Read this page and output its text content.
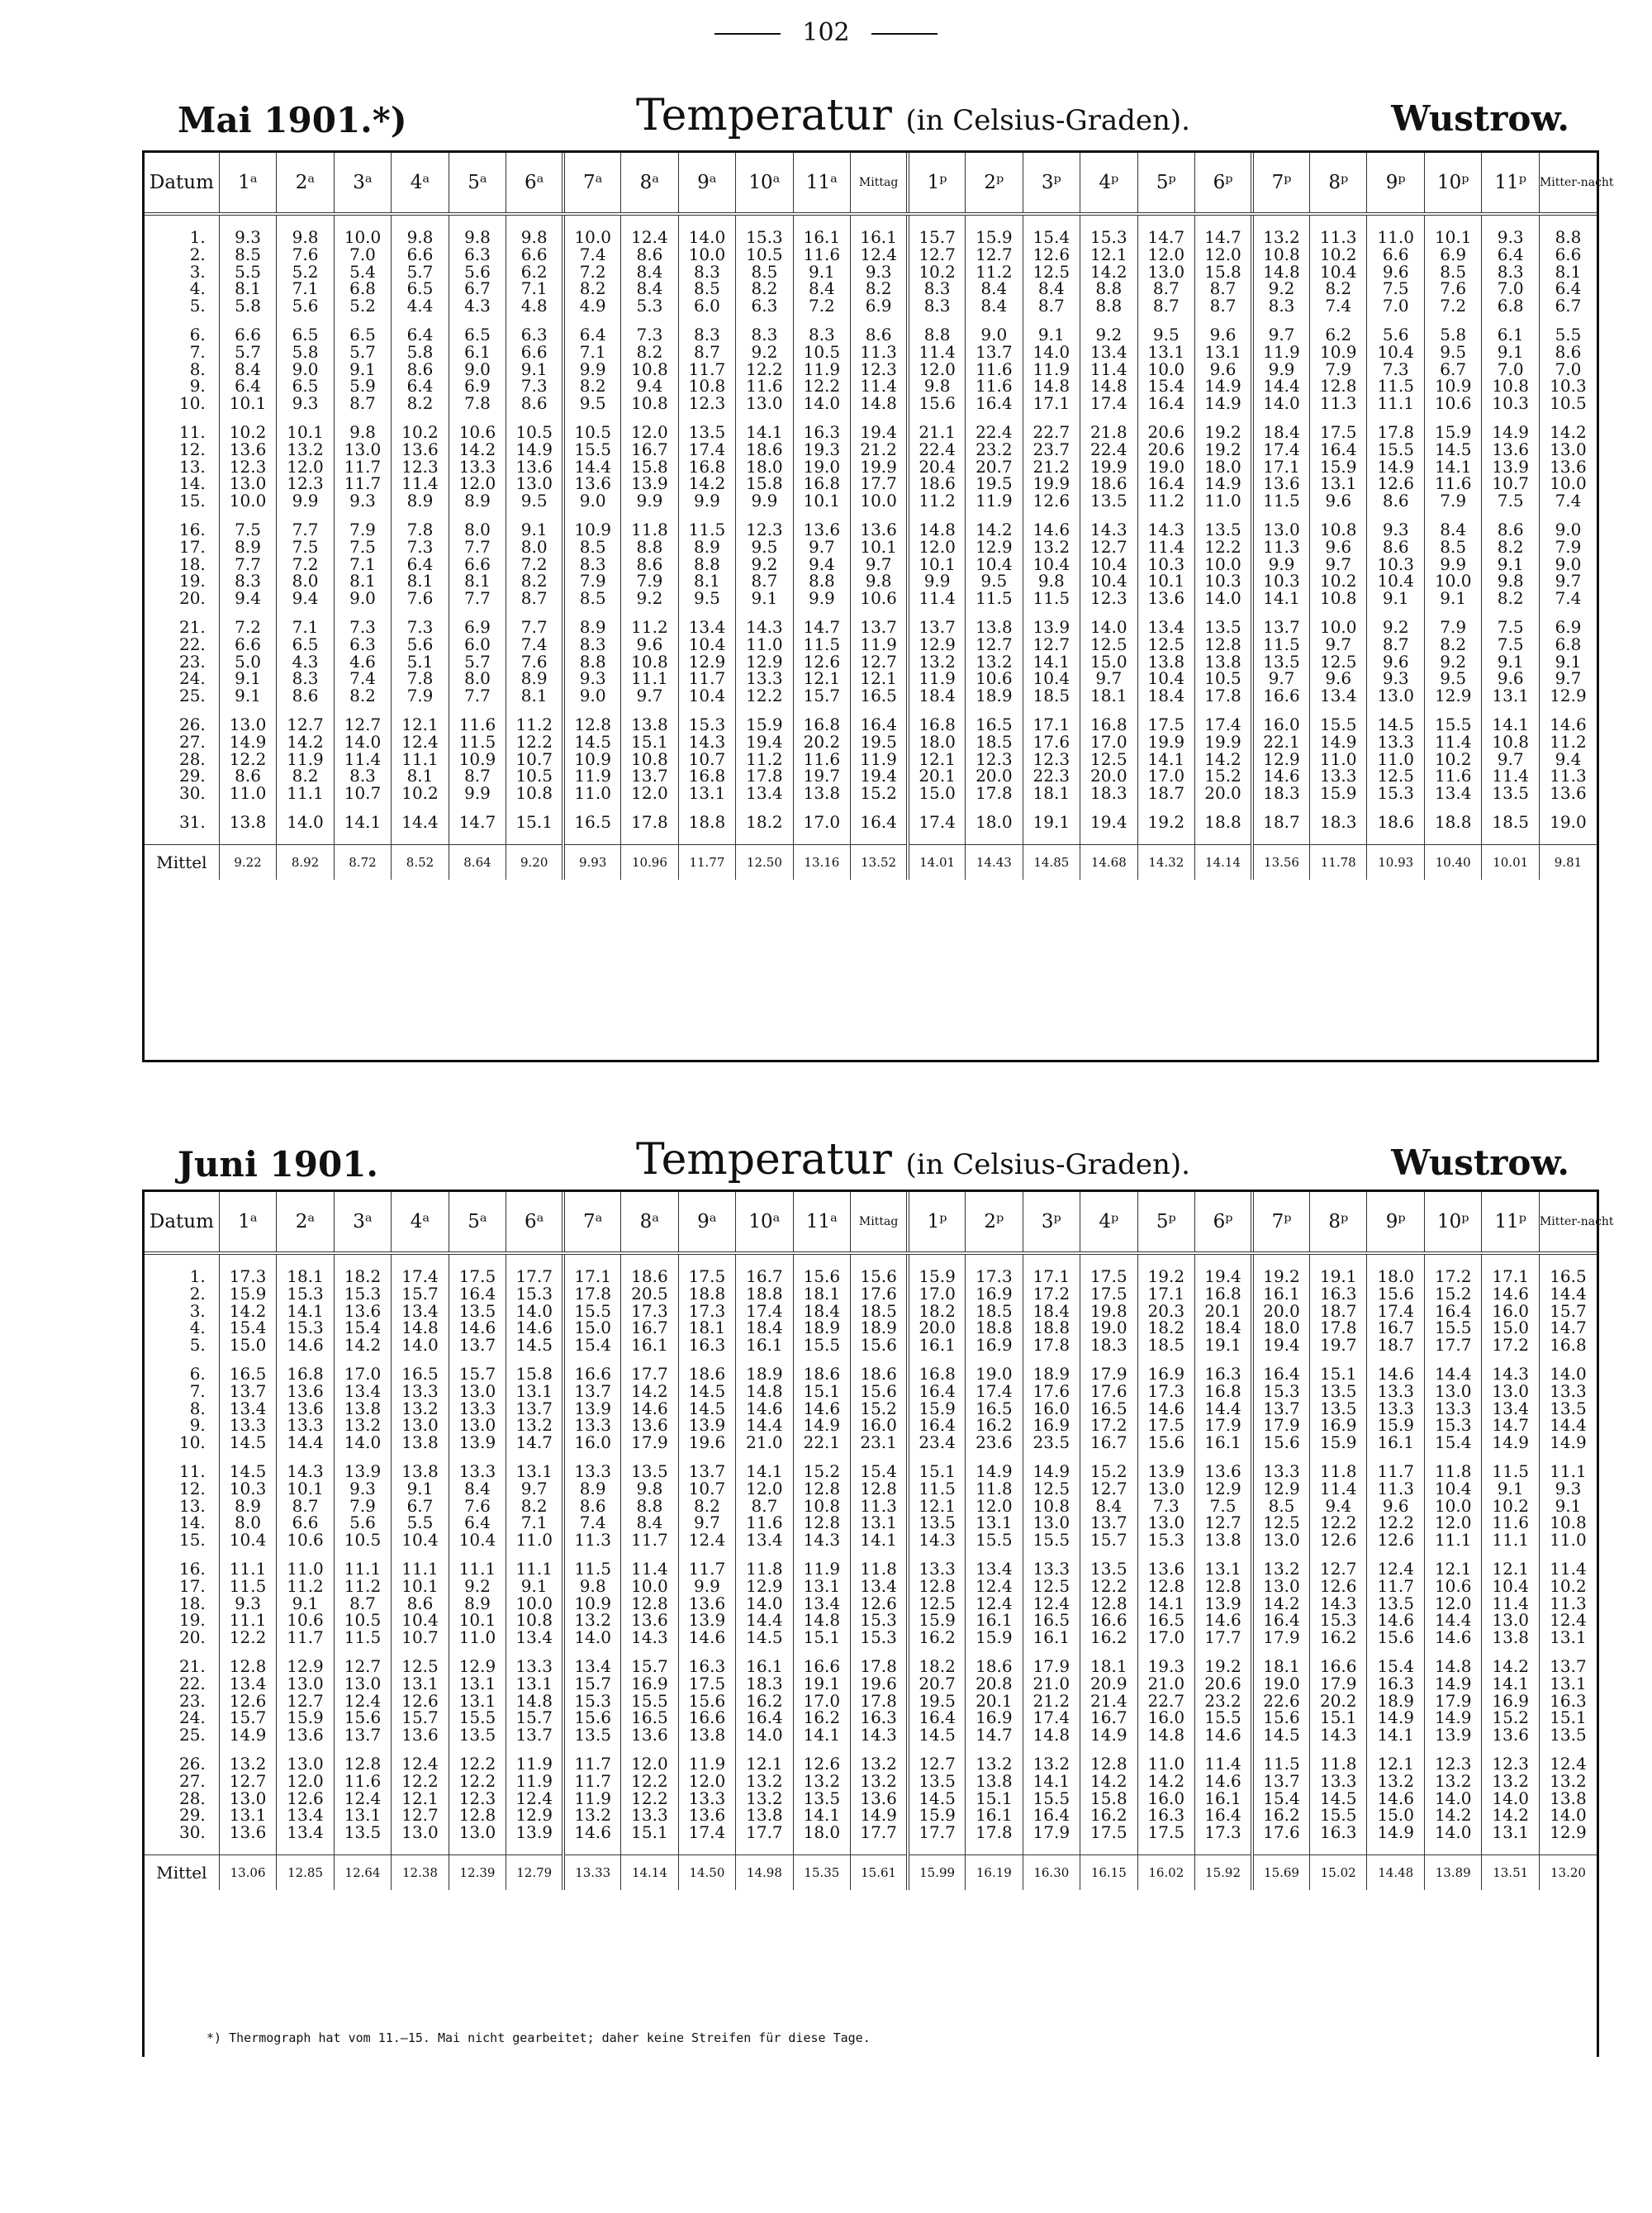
102
Mai 1901.*)	Temperatur (in Celsius-Graden).	Wustrow.
Datum	1ᵃ	2ᵃ	3ᵃ	4ᵃ	5ᵃ	6ᵃ	7ᵃ	8ᵃ	9ᵃ	10ᵃ	11ᵃ	Mittag	1ᵖ	2ᵖ	3ᵖ	4ᵖ	5ᵖ	6ᵖ	7ᵖ	8ᵖ	9ᵖ	10ᵖ	11ᵖ	Mitter-nacht

1.	9.3	9.8	10.0	9.8	9.8	9.8	10.0	12.4	14.0	15.3	16.1	16.1	15.7	15.9	15.4	15.3	14.7	14.7	13.2	11.3	11.0	10.1	9.3	8.8
2.	8.5	7.6	7.0	6.6	6.3	6.6	7.4	8.6	10.0	10.5	11.6	12.4	12.7	12.7	12.6	12.1	12.0	12.0	10.8	10.2	6.6	6.9	6.4	6.6
3.	5.5	5.2	5.4	5.7	5.6	6.2	7.2	8.4	8.3	8.5	9.1	9.3	10.2	11.2	12.5	14.2	13.0	15.8	14.8	10.4	9.6	8.5	8.3	8.1
4.	8.1	7.1	6.8	6.5	6.7	7.1	8.2	8.4	8.5	8.2	8.4	8.2	8.3	8.4	8.4	8.8	8.7	8.7	9.2	8.2	7.5	7.6	7.0	6.4
5.	5.8	5.6	5.2	4.4	4.3	4.8	4.9	5.3	6.0	6.3	7.2	6.9	8.3	8.4	8.7	8.8	8.7	8.7	8.3	7.4	7.0	7.2	6.8	6.7

6.	6.6	6.5	6.5	6.4	6.5	6.3	6.4	7.3	8.3	8.3	8.3	8.6	8.8	9.0	9.1	9.2	9.5	9.6	9.7	6.2	5.6	5.8	6.1	5.5
7.	5.7	5.8	5.7	5.8	6.1	6.6	7.1	8.2	8.7	9.2	10.5	11.3	11.4	13.7	14.0	13.4	13.1	13.1	11.9	10.9	10.4	9.5	9.1	8.6
8.	8.4	9.0	9.1	8.6	9.0	9.1	9.9	10.8	11.7	12.2	11.9	12.3	12.0	11.6	11.9	11.4	10.0	9.6	9.9	7.9	7.3	6.7	7.0	7.0
9.	6.4	6.5	5.9	6.4	6.9	7.3	8.2	9.4	10.8	11.6	12.2	11.4	9.8	11.6	14.8	14.8	15.4	14.9	14.4	12.8	11.5	10.9	10.8	10.3
10.	10.1	9.3	8.7	8.2	7.8	8.6	9.5	10.8	12.3	13.0	14.0	14.8	15.6	16.4	17.1	17.4	16.4	14.9	14.0	11.3	11.1	10.6	10.3	10.5

11.	10.2	10.1	9.8	10.2	10.6	10.5	10.5	12.0	13.5	14.1	16.3	19.4	21.1	22.4	22.7	21.8	20.6	19.2	18.4	17.5	17.8	15.9	14.9	14.2
12.	13.6	13.2	13.0	13.6	14.2	14.9	15.5	16.7	17.4	18.6	19.3	21.2	22.4	23.2	23.7	22.4	20.6	19.2	17.4	16.4	15.5	14.5	13.6	13.0
13.	12.3	12.0	11.7	12.3	13.3	13.6	14.4	15.8	16.8	18.0	19.0	19.9	20.4	20.7	21.2	19.9	19.0	18.0	17.1	15.9	14.9	14.1	13.9	13.6
14.	13.0	12.3	11.7	11.4	12.0	13.0	13.6	13.9	14.2	15.8	16.8	17.7	18.6	19.5	19.9	18.6	16.4	14.9	13.6	13.1	12.6	11.6	10.7	10.0
15.	10.0	9.9	9.3	8.9	8.9	9.5	9.0	9.9	9.9	9.9	10.1	10.0	11.2	11.9	12.6	13.5	11.2	11.0	11.5	9.6	8.6	7.9	7.5	7.4

16.	7.5	7.7	7.9	7.8	8.0	9.1	10.9	11.8	11.5	12.3	13.6	13.6	14.8	14.2	14.6	14.3	14.3	13.5	13.0	10.8	9.3	8.4	8.6	9.0
17.	8.9	7.5	7.5	7.3	7.7	8.0	8.5	8.8	8.9	9.5	9.7	10.1	12.0	12.9	13.2	12.7	11.4	12.2	11.3	9.6	8.6	8.5	8.2	7.9
18.	7.7	7.2	7.1	6.4	6.6	7.2	8.3	8.6	8.8	9.2	9.4	9.7	10.1	10.4	10.4	10.4	10.3	10.0	9.9	9.7	10.3	9.9	9.1	9.0
19.	8.3	8.0	8.1	8.1	8.1	8.2	7.9	7.9	8.1	8.7	8.8	9.8	9.9	9.5	9.8	10.4	10.1	10.3	10.3	10.2	10.4	10.0	9.8	9.7
20.	9.4	9.4	9.0	7.6	7.7	8.7	8.5	9.2	9.5	9.1	9.9	10.6	11.4	11.5	11.5	12.3	13.6	14.0	14.1	10.8	9.1	9.1	8.2	7.4

21.	7.2	7.1	7.3	7.3	6.9	7.7	8.9	11.2	13.4	14.3	14.7	13.7	13.7	13.8	13.9	14.0	13.4	13.5	13.7	10.0	9.2	7.9	7.5	6.9
22.	6.6	6.5	6.3	5.6	6.0	7.4	8.3	9.6	10.4	11.0	11.5	11.9	12.9	12.7	12.7	12.5	12.5	12.8	11.5	9.7	8.7	8.2	7.5	6.8
23.	5.0	4.3	4.6	5.1	5.7	7.6	8.8	10.8	12.9	12.9	12.6	12.7	13.2	13.2	14.1	15.0	13.8	13.8	13.5	12.5	9.6	9.2	9.1	9.1
24.	9.1	8.3	7.4	7.8	8.0	8.9	9.3	11.1	11.7	13.3	12.1	12.1	11.9	10.6	10.4	9.7	10.4	10.5	9.7	9.6	9.3	9.5	9.6	9.7
25.	9.1	8.6	8.2	7.9	7.7	8.1	9.0	9.7	10.4	12.2	15.7	16.5	18.4	18.9	18.5	18.1	18.4	17.8	16.6	13.4	13.0	12.9	13.1	12.9

26.	13.0	12.7	12.7	12.1	11.6	11.2	12.8	13.8	15.3	15.9	16.8	16.4	16.8	16.5	17.1	16.8	17.5	17.4	16.0	15.5	14.5	15.5	14.1	14.6
27.	14.9	14.2	14.0	12.4	11.5	12.2	14.5	15.1	14.3	19.4	20.2	19.5	18.0	18.5	17.6	17.0	19.9	19.9	22.1	14.9	13.3	11.4	10.8	11.2
28.	12.2	11.9	11.4	11.1	10.9	10.7	10.9	10.8	10.7	11.2	11.6	11.9	12.1	12.3	12.3	12.5	14.1	14.2	12.9	11.0	11.0	10.2	9.7	9.4
29.	8.6	8.2	8.3	8.1	8.7	10.5	11.9	13.7	16.8	17.8	19.7	19.4	20.1	20.0	22.3	20.0	17.0	15.2	14.6	13.3	12.5	11.6	11.4	11.3
30.	11.0	11.1	10.7	10.2	9.9	10.8	11.0	12.0	13.1	13.4	13.8	15.2	15.0	17.8	18.1	18.3	18.7	20.0	18.3	15.9	15.3	13.4	13.5	13.6

31.	13.8	14.0	14.1	14.4	14.7	15.1	16.5	17.8	18.8	18.2	17.0	16.4	17.4	18.0	19.1	19.4	19.2	18.8	18.7	18.3	18.6	18.8	18.5	19.0

Mittel	9.22	8.92	8.72	8.52	8.64	9.20	9.93	10.96	11.77	12.50	13.16	13.52	14.01	14.43	14.85	14.68	14.32	14.14	13.56	11.78	10.93	10.40	10.01	9.81
Juni 1901.	Temperatur (in Celsius-Graden).	Wustrow.
Datum	1ᵃ	2ᵃ	3ᵃ	4ᵃ	5ᵃ	6ᵃ	7ᵃ	8ᵃ	9ᵃ	10ᵃ	11ᵃ	Mittag	1ᵖ	2ᵖ	3ᵖ	4ᵖ	5ᵖ	6ᵖ	7ᵖ	8ᵖ	9ᵖ	10ᵖ	11ᵖ	Mitter-nacht

1.	17.3	18.1	18.2	17.4	17.5	17.7	17.1	18.6	17.5	16.7	15.6	15.6	15.9	17.3	17.1	17.5	19.2	19.4	19.2	19.1	18.0	17.2	17.1	16.5
2.	15.9	15.3	15.3	15.7	16.4	15.3	17.8	20.5	18.8	18.8	18.1	17.6	17.0	16.9	17.2	17.5	17.1	16.8	16.1	16.3	15.6	15.2	14.6	14.4
3.	14.2	14.1	13.6	13.4	13.5	14.0	15.5	17.3	17.3	17.4	18.4	18.5	18.2	18.5	18.4	19.8	20.3	20.1	20.0	18.7	17.4	16.4	16.0	15.7
4.	15.4	15.3	15.4	14.8	14.6	14.6	15.0	16.7	18.1	18.4	18.9	18.9	20.0	18.8	18.8	19.0	18.2	18.4	18.0	17.8	16.7	15.5	15.0	14.7
5.	15.0	14.6	14.2	14.0	13.7	14.5	15.4	16.1	16.3	16.1	15.5	15.6	16.1	16.9	17.8	18.3	18.5	19.1	19.4	19.7	18.7	17.7	17.2	16.8

6.	16.5	16.8	17.0	16.5	15.7	15.8	16.6	17.7	18.6	18.9	18.6	18.6	16.8	19.0	18.9	17.9	16.9	16.3	16.4	15.1	14.6	14.4	14.3	14.0
7.	13.7	13.6	13.4	13.3	13.0	13.1	13.7	14.2	14.5	14.8	15.1	15.6	16.4	17.4	17.6	17.6	17.3	16.8	15.3	13.5	13.3	13.0	13.0	13.3
8.	13.4	13.6	13.8	13.2	13.3	13.7	13.9	14.6	14.5	14.6	14.6	15.2	15.9	16.5	16.0	16.5	14.6	14.4	13.7	13.5	13.3	13.3	13.4	13.5
9.	13.3	13.3	13.2	13.0	13.0	13.2	13.3	13.6	13.9	14.4	14.9	16.0	16.4	16.2	16.9	17.2	17.5	17.9	17.9	16.9	15.9	15.3	14.7	14.4
10.	14.5	14.4	14.0	13.8	13.9	14.7	16.0	17.9	19.6	21.0	22.1	23.1	23.4	23.6	23.5	16.7	15.6	16.1	15.6	15.9	16.1	15.4	14.9	14.9

11.	14.5	14.3	13.9	13.8	13.3	13.1	13.3	13.5	13.7	14.1	15.2	15.4	15.1	14.9	14.9	15.2	13.9	13.6	13.3	11.8	11.7	11.8	11.5	11.1
12.	10.3	10.1	9.3	9.1	8.4	9.7	8.9	9.8	10.7	12.0	12.8	12.8	11.5	11.8	12.5	12.7	13.0	12.9	12.9	11.4	11.3	10.4	9.1	9.3
13.	8.9	8.7	7.9	6.7	7.6	8.2	8.6	8.8	8.2	8.7	10.8	11.3	12.1	12.0	10.8	8.4	7.3	7.5	8.5	9.4	9.6	10.0	10.2	9.1
14.	8.0	6.6	5.6	5.5	6.4	7.1	7.4	8.4	9.7	11.6	12.8	13.1	13.5	13.1	13.0	13.7	13.0	12.7	12.5	12.2	12.2	12.0	11.6	10.8
15.	10.4	10.6	10.5	10.4	10.4	11.0	11.3	11.7	12.4	13.4	14.3	14.1	14.3	15.5	15.5	15.7	15.3	13.8	13.0	12.6	12.6	11.1	11.1	11.0

16.	11.1	11.0	11.1	11.1	11.1	11.1	11.5	11.4	11.7	11.8	11.9	11.8	13.3	13.4	13.3	13.5	13.6	13.1	13.2	12.7	12.4	12.1	12.1	11.4
17.	11.5	11.2	11.2	10.1	9.2	9.1	9.8	10.0	9.9	12.9	13.1	13.4	12.8	12.4	12.5	12.2	12.8	12.8	13.0	12.6	11.7	10.6	10.4	10.2
18.	9.3	9.1	8.7	8.6	8.9	10.0	10.9	12.8	13.6	14.0	13.4	12.6	12.5	12.4	12.4	12.8	14.1	13.9	14.2	14.3	13.5	12.0	11.4	11.3
19.	11.1	10.6	10.5	10.4	10.1	10.8	13.2	13.6	13.9	14.4	14.8	15.3	15.9	16.1	16.5	16.6	16.5	14.6	16.4	15.3	14.6	14.4	13.0	12.4
20.	12.2	11.7	11.5	10.7	11.0	13.4	14.0	14.3	14.6	14.5	15.1	15.3	16.2	15.9	16.1	16.2	17.0	17.7	17.9	16.2	15.6	14.6	13.8	13.1

21.	12.8	12.9	12.7	12.5	12.9	13.3	13.4	15.7	16.3	16.1	16.6	17.8	18.2	18.6	17.9	18.1	19.3	19.2	18.1	16.6	15.4	14.8	14.2	13.7
22.	13.4	13.0	13.0	13.1	13.1	13.1	15.7	16.9	17.5	18.3	19.1	19.6	20.7	20.8	21.0	20.9	21.0	20.6	19.0	17.9	16.3	14.9	14.1	13.1
23.	12.6	12.7	12.4	12.6	13.1	14.8	15.3	15.5	15.6	16.2	17.0	17.8	19.5	20.1	21.2	21.4	22.7	23.2	22.6	20.2	18.9	17.9	16.9	16.3
24.	15.7	15.9	15.6	15.7	15.5	15.7	15.6	16.5	16.6	16.4	16.2	16.3	16.4	16.9	17.4	16.7	16.0	15.5	15.6	15.1	14.9	14.9	15.2	15.1
25.	14.9	13.6	13.7	13.6	13.5	13.7	13.5	13.6	13.8	14.0	14.1	14.3	14.5	14.7	14.8	14.9	14.8	14.6	14.5	14.3	14.1	13.9	13.6	13.5

26.	13.2	13.0	12.8	12.4	12.2	11.9	11.7	12.0	11.9	12.1	12.6	13.2	12.7	13.2	13.2	12.8	11.0	11.4	11.5	11.8	12.1	12.3	12.3	12.4
27.	12.7	12.0	11.6	12.2	12.2	11.9	11.7	12.2	12.0	13.2	13.2	13.2	13.5	13.8	14.1	14.2	14.2	14.6	13.7	13.3	13.2	13.2	13.2	13.2
28.	13.0	12.6	12.4	12.1	12.3	12.4	11.9	12.2	13.3	13.2	13.5	13.6	14.5	15.1	15.5	15.8	16.0	16.1	15.4	14.5	14.6	14.0	14.0	13.8
29.	13.1	13.4	13.1	12.7	12.8	12.9	13.2	13.3	13.6	13.8	14.1	14.9	15.9	16.1	16.4	16.2	16.3	16.4	16.2	15.5	15.0	14.2	14.2	14.0
30.	13.6	13.4	13.5	13.0	13.0	13.9	14.6	15.1	17.4	17.7	18.0	17.7	17.7	17.8	17.9	17.5	17.5	17.3	17.6	16.3	14.9	14.0	13.1	12.9

Mittel	13.06	12.85	12.64	12.38	12.39	12.79	13.33	14.14	14.50	14.98	15.35	15.61	15.99	16.19	16.30	16.15	16.02	15.92	15.69	15.02	14.48	13.89	13.51	13.20
*) Thermograph hat vom 11.—15. Mai nicht gearbeitet; daher keine Streifen für diese Tage.
